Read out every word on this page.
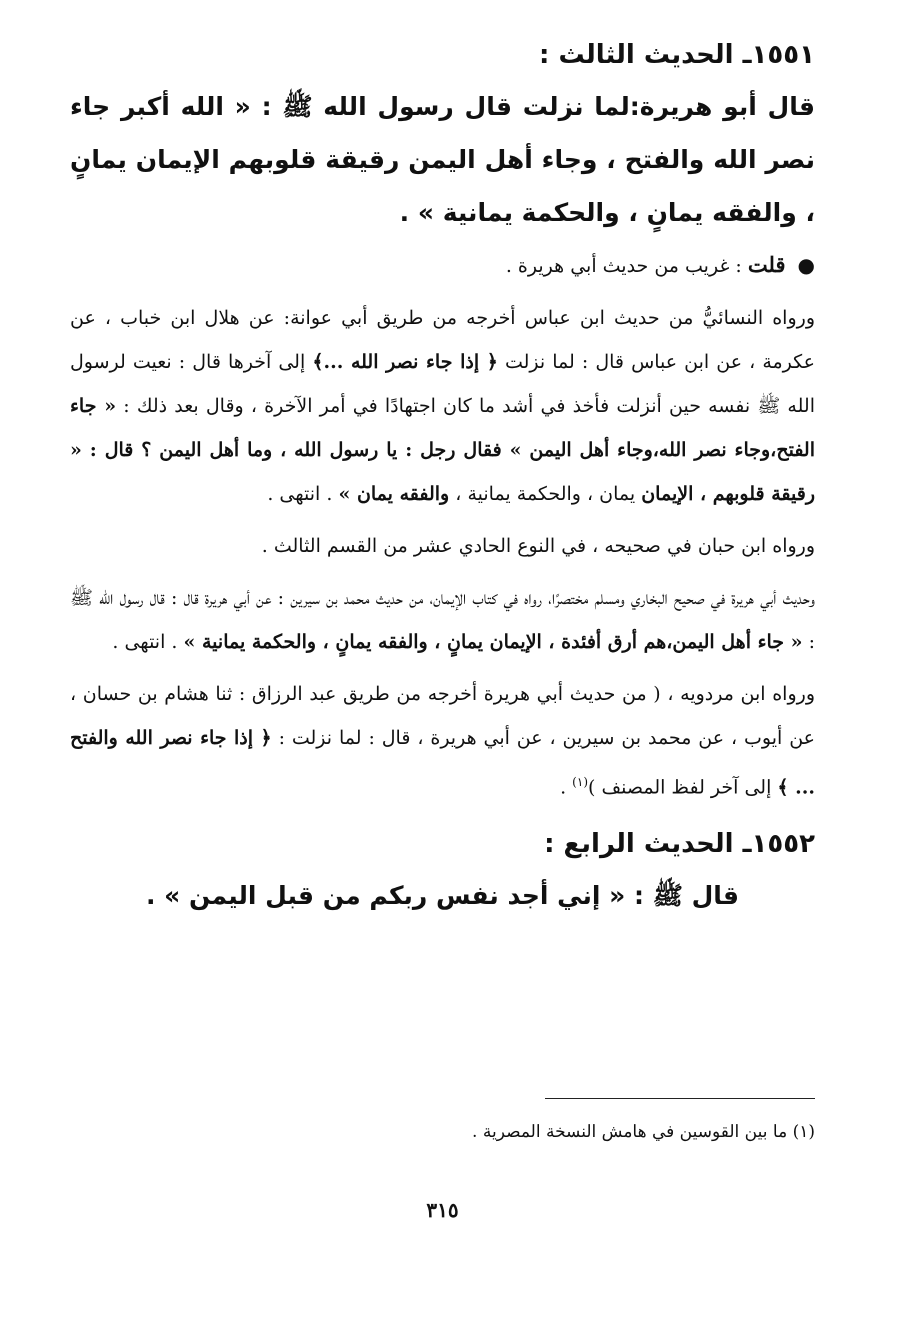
١٥٥١ـ الحديث الثالث :

قال أبو هريرة:لما نزلت قال رسول الله ﷺ : « الله أكبر جاء نصر الله والفتح ، وجاء أهل اليمن رقيقة قلوبهم الإيمان يمانٍ ، والفقه يمانٍ ، والحكمة يمانية » .

● قلت : غريب من حديث أبي هريرة .

ورواه النسائيُّ من حديث ابن عباس أخرجه من طريق أبي عوانة: عن هلال ابن خباب ، عن عكرمة ، عن ابن عباس قال : لما نزلت ﴿ إذا جاء نصر الله ...﴾ إلى آخرها قال : نعيت لرسول الله ﷺ نفسه حين أنزلت فأخذ في أشد ما كان اجتهادًا في أمر الآخرة ، وقال بعد ذلك : « جاء الفتح،وجاء نصر الله،وجاء أهل اليمن » فقال رجل : يا رسول الله ، وما أهل اليمن ؟ قال : « رقيقة قلوبهم ، الإيمان يمان ، والحكمة يمانية ، والفقه يمان » . انتهى .

ورواه ابن حبان في صحيحه ، في النوع الحادي عشر من القسم الثالث .

وحديث أبي هريرة في صحيح البخاري ومسلم مختصرًا، رواه في كتاب الإيمان، من حديث محمد بن سيرين : عن أبي هريرة قال : قال رسول الله ﷺ : « جاء أهل اليمن،هم أرق أفئدة ، الإيمان يمانٍ ، والفقه يمانٍ ، والحكمة يمانية » . انتهى .

ورواه ابن مردويه ، ( من حديث أبي هريرة أخرجه من طريق عبد الرزاق : ثنا هشام بن حسان ، عن أيوب ، عن محمد بن سيرين ، عن أبي هريرة ، قال : لما نزلت : ﴿ إذا جاء نصر الله والفتح ... ﴾ إلى آخر لفظ المصنف )$^{(١)}$ .

١٥٥٢ـ الحديث الرابع :

قال ﷺ : « إني أجد نفس ربكم من قبل اليمن » .

(١) ما بين القوسين في هامش النسخة المصرية .
٣١٥
